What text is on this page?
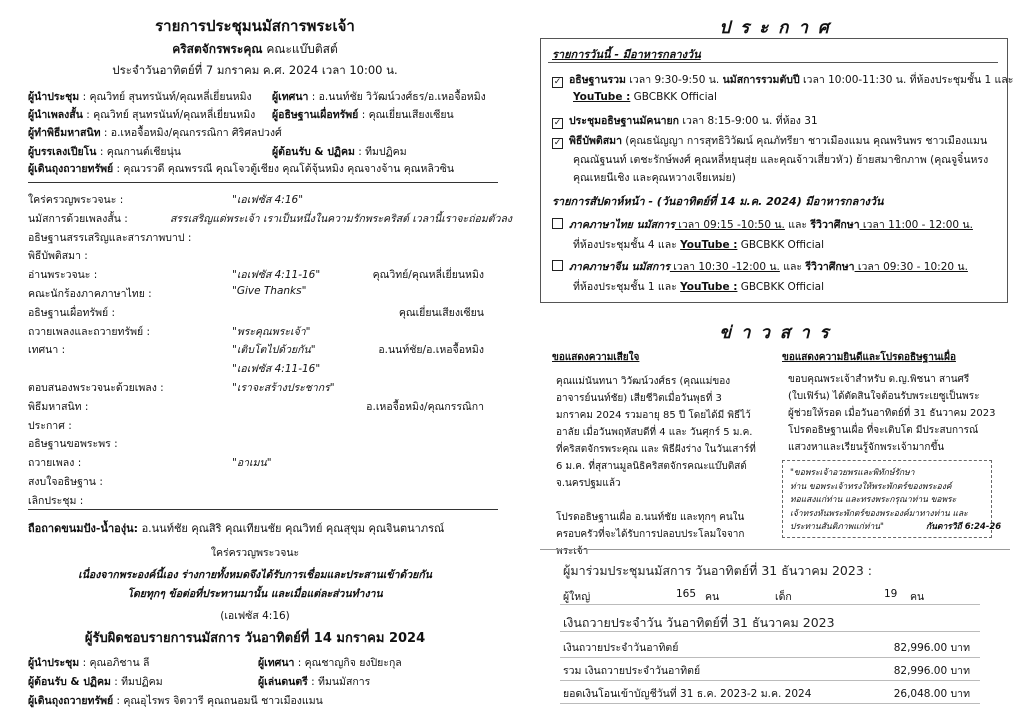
รายการประชุมนมัสการพระเจ้า
คริสตจักรพระคุณ คณะแบ๊บติสต์
ประจำวันอาทิตย์ที่ 7 มกราคม ค.ศ. 2024 เวลา 10:00 น.
ผู้นำประชุม : คุณวิทย์ สุนทรนันท์/คุณหลี่เยี่ยนหมิง ผู้เทศนา : อ.นนท์ชัย วิวัฒน์วงศ์ธร/อ.เหอจื้อหมิง
ผู้นำเพลงสั้น : คุณวิทย์ สุนทรนันท์/คุณหลี่เยี่ยนหมิง ผู้อธิษฐานเผื่อทรัพย์ : คุณเยี่ยนเสียงเซียน
ผู้ทำพิธีมหาสนิท : อ.เหอจื้อหมิง/คุณกรรณิกา ศิริศลปวงศ์
ผู้บรรเลงเปียโน : คุณกานต์เชียนุ่น	ผู้ต้อนรับ & ปฏิคม : ทีมปฏิคม
ผู้เดินถุงถวายทรัพย์ : คุณวรวดี คุณพรรณี คุณโจวตู้เชียง คุณโต้จุ้นหมิง คุณจางจ้าน คุณหลิวซิน
ใคร่ครวญพระวจนะ :	"เอเฟซัส 4:16"
นมัสการด้วยเพลงสั้น :	สรรเสริญแด่พระเจ้า เราเป็นหนึ่งในความรักพระคริสต์ เวลานี้เราจะถ่อมตัวลง
อธิษฐานสรรเสริญและสารภาพบาป :
พิธีบัพติสมา :
อ่านพระวจนะ :	"เอเฟซัส 4:11-16"	คุณวิทย์/คุณหลี่เยี่ยนหมิง
คณะนักร้องภาคภาษาไทย :	"Give Thanks"
อธิษฐานเผื่อทรัพย์ :	คุณเยี่ยนเสียงเซียน
ถวายเพลงและถวายทรัพย์ :	"พระคุณพระเจ้า"
เทศนา :	"เติบโตไปด้วยกัน"	อ.นนท์ชัย/อ.เหอจื้อหมิง
"เอเฟซัส 4:11-16"
ตอบสนองพระวจนะด้วยเพลง :	"เราจะสร้างประชากร"
พิธีมหาสนิท :	อ.เหอจื้อหมิง/คุณกรรณิกา
ประกาศ :
อธิษฐานขอพระพร :
ถวายเพลง :	"อาเมน"
สงบใจอธิษฐาน :
เลิกประชุม :
ถือถาดขนมปัง-น้ำองุ่น: อ.นนท์ชัย คุณสิริ คุณเทียนชัย คุณวิทย์ คุณสุขุม คุณจินตนาภรณ์
ใคร่ครวญพระวจนะ
เนื่องจากพระองค์นี้เอง ร่างกายทั้งหมดจึงได้รับการเชื่อมและประสานเข้าด้วยกัน
โดยทุกๆ ข้อต่อที่ประทานมานั้น และเมื่อแต่ละส่วนทำงาน
(เอเฟซัส 4:16)
ผู้รับผิดชอบรายการนมัสการ วันอาทิตย์ที่ 14 มกราคม 2024
ผู้นำประชุม : คุณอภิชาน ลี	ผู้เทศนา : คุณชาญกิจ ยงปิยะกุล
ผู้ต้อนรับ & ปฏิคม : ทีมปฏิคม	ผู้เล่นดนตรี : ทีมนมัสการ
ผู้เดินถุงถวายทรัพย์ : คุณอุไรพร จิตวารี คุณถนอมนี ชาวเมืองแมน
ป ร ะ ก า ศ
รายการวันนี้ - มีอาหารกลางวัน
✓ อธิษฐานรวม เวลา 9:30-9:50 น. นมัสการรวมตับปี เวลา 10:00-11:30 น. ที่ห้องประชุมชั้น 1 และ
YouTube : GBCBKK Official
✓ ประชุมอธิษฐานมัคนายก เวลา 8:15-9:00 น. ที่ห้อง 31
✓ พิธีบัพติสมา (คุณธนัญญา การสุทธิวิวัฒน์ คุณภัทรียา ชาวเมืองแมน คุณพรินพร ชาวเมืองแมน
คุณณัฐนนท์ เตชะรักษ์พงศ์ คุณหลี่หยุนสุ่ย และคุณจ้าวเสี่ยวหัว) ย้ายสมาชิกภาพ (คุณจูจิ๋นหรง
คุณเหยนีเชิง และคุณหวางเจียเหม่ย)
รายการสัปดาห์หน้า - (วันอาทิตย์ที่ 14 ม.ค. 2024) มีอาหารกลางวัน
ภาคภาษาไทย นมัสการ เวลา 09:15 -10:50 น. และ รีวิวาศึกษา เวลา 11:00 - 12:00 น.
ที่ห้องประชุมชั้น 4 และ YouTube : GBCBKK Official
ภาคภาษาจีน นมัสการ เวลา 10:30 -12:00 น. และ รีวิวาศึกษา เวลา 09:30 - 10:20 น.
ที่ห้องประชุมชั้น 1 และ YouTube : GBCBKK Official
ข่ า ว ส า ร
ขอแสดงความเสียใจ
คุณแม่นันทนา วิวัฒน์วงศ์ธร (คุณแม่ของ
อาจารย์นนท์ชัย) เสียชีวิตเมื่อวันพุธที่ 3
มกราคม 2024 รวมอายุ 85 ปี โดยได้มี พิธีไว้
อาลัย เมื่อวันพฤหัสบดีที่ 4 และ วันศุกร์ 5 ม.ค.
ที่คริสตจักรพระคุณ และ พิธีฝังร่าง ในวันเสาร์ที่
6 ม.ค. ที่สุสานมูลนิธิคริสตจักรคณะแบ๊บติสต์
จ.นครปฐมแล้ว
โปรดอธิษฐานเผื่อ อ.นนท์ชัย และทุกๆ คนใน
ครอบครัวที่จะได้รับการปลอบประโลมใจจาก
พระเจ้า
ขอแสดงความยินดีและโปรดอธิษฐานเผื่อ
ขอบคุณพระเจ้าสำหรับ ด.ญ.พิชนา สานศรี
(ใบเฟิร์น) ได้ตัดสินใจต้อนรับพระเยซูเป็นพระ
ผู้ช่วยให้รอด เมื่อวันอาทิตย์ที่ 31 ธันวาคม 2023
โปรดอธิษฐานเผื่อ ที่จะเติบโต มีประสบการณ์
แสวงหาและเรียนรู้จักพระเจ้ามากขึ้น
"ขอพระเจ้าอวยพรและพิทักษ์รักษา
ท่าน ขอพระเจ้าทรงให้พระพักตร์ของพระองค์
ทอแสงแก่ท่าน และทรงพระกรุณาท่าน ขอพระ
เจ้าทรงหันพระพักตร์ของพระองค์มาทางท่าน และ
ประทานสันติภาพแก่ท่าน"	กันดารวิถี 6:24-26
ผู้มาร่วมประชุมนมัสการ วันอาทิตย์ที่ 31 ธันวาคม 2023 :
ผู้ใหญ่	165 คน	เด็ก	19 คน
เงินถวายประจำวัน วันอาทิตย์ที่ 31 ธันวาคม 2023
เงินถวายประจำวันอาทิตย์	82,996.00 บาท
รวม เงินถวายประจำวันอาทิตย์	82,996.00 บาท
ยอดเงินโอนเข้าบัญชีวันที่ 31 ธ.ค. 2023-2 ม.ค. 2024	26,048.00 บาท
